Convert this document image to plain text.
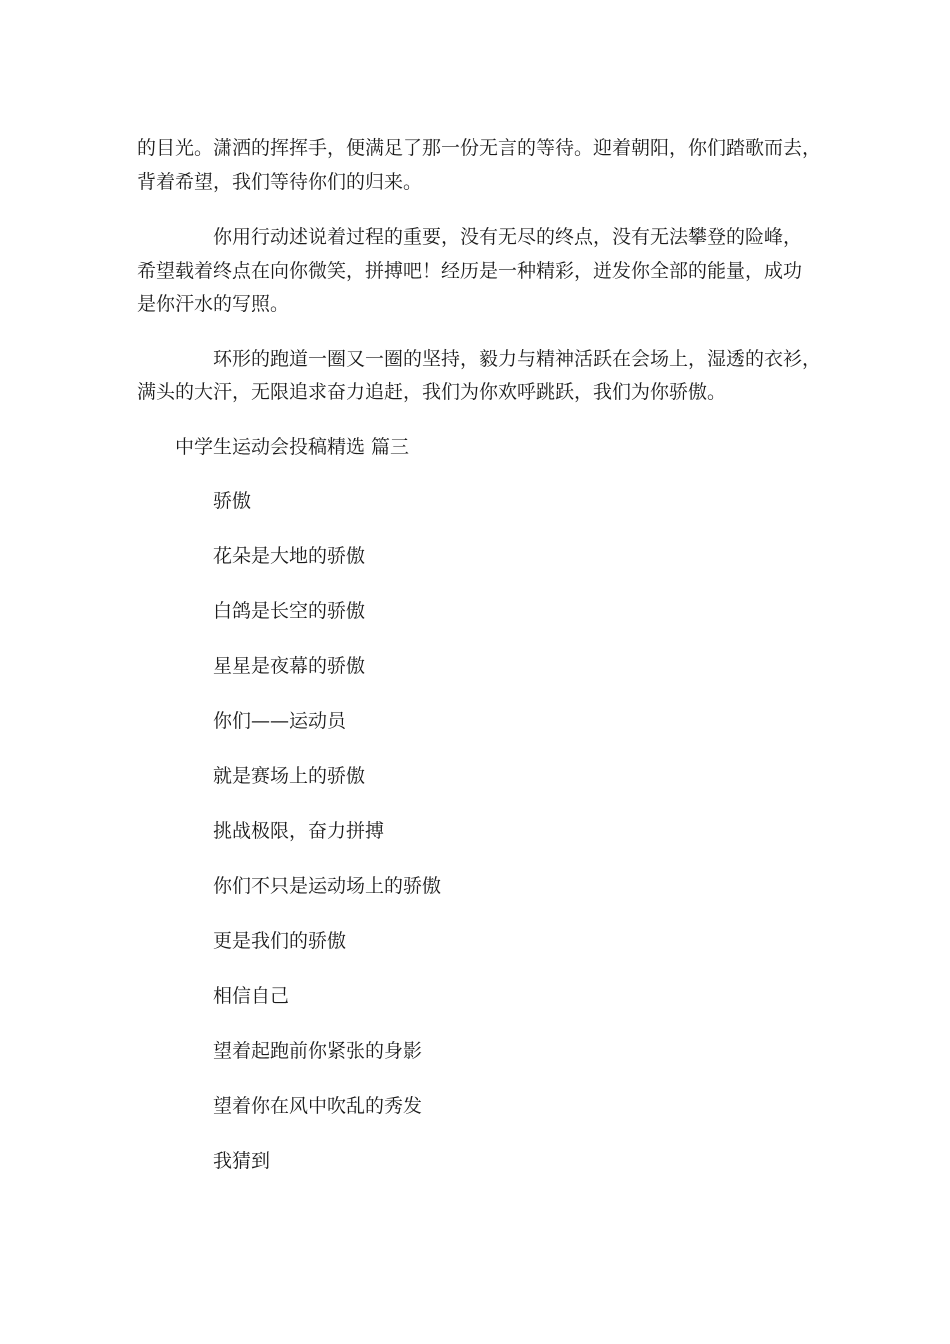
的目光。潇洒的挥挥手，便满足了那一份无言的等待。迎着朝阳，你们踏歌而去，
背着希望，我们等待你们的归来。
你用行动述说着过程的重要，没有无尽的终点，没有无法攀登的险峰，
希望载着终点在向你微笑，拼搏吧！经历是一种精彩，迸发你全部的能量，成功
是你汗水的写照。
环形的跑道一圈又一圈的坚持，毅力与精神活跃在会场上，湿透的衣衫，
满头的大汗，无限追求奋力追赶，我们为你欢呼跳跃，我们为你骄傲。
中学生运动会投稿精选 篇三
骄傲
花朵是大地的骄傲
白鸽是长空的骄傲
星星是夜幕的骄傲
你们——运动员
就是赛场上的骄傲
挑战极限，奋力拼搏
你们不只是运动场上的骄傲
更是我们的骄傲
相信自己
望着起跑前你紧张的身影
望着你在风中吹乱的秀发
我猜到
